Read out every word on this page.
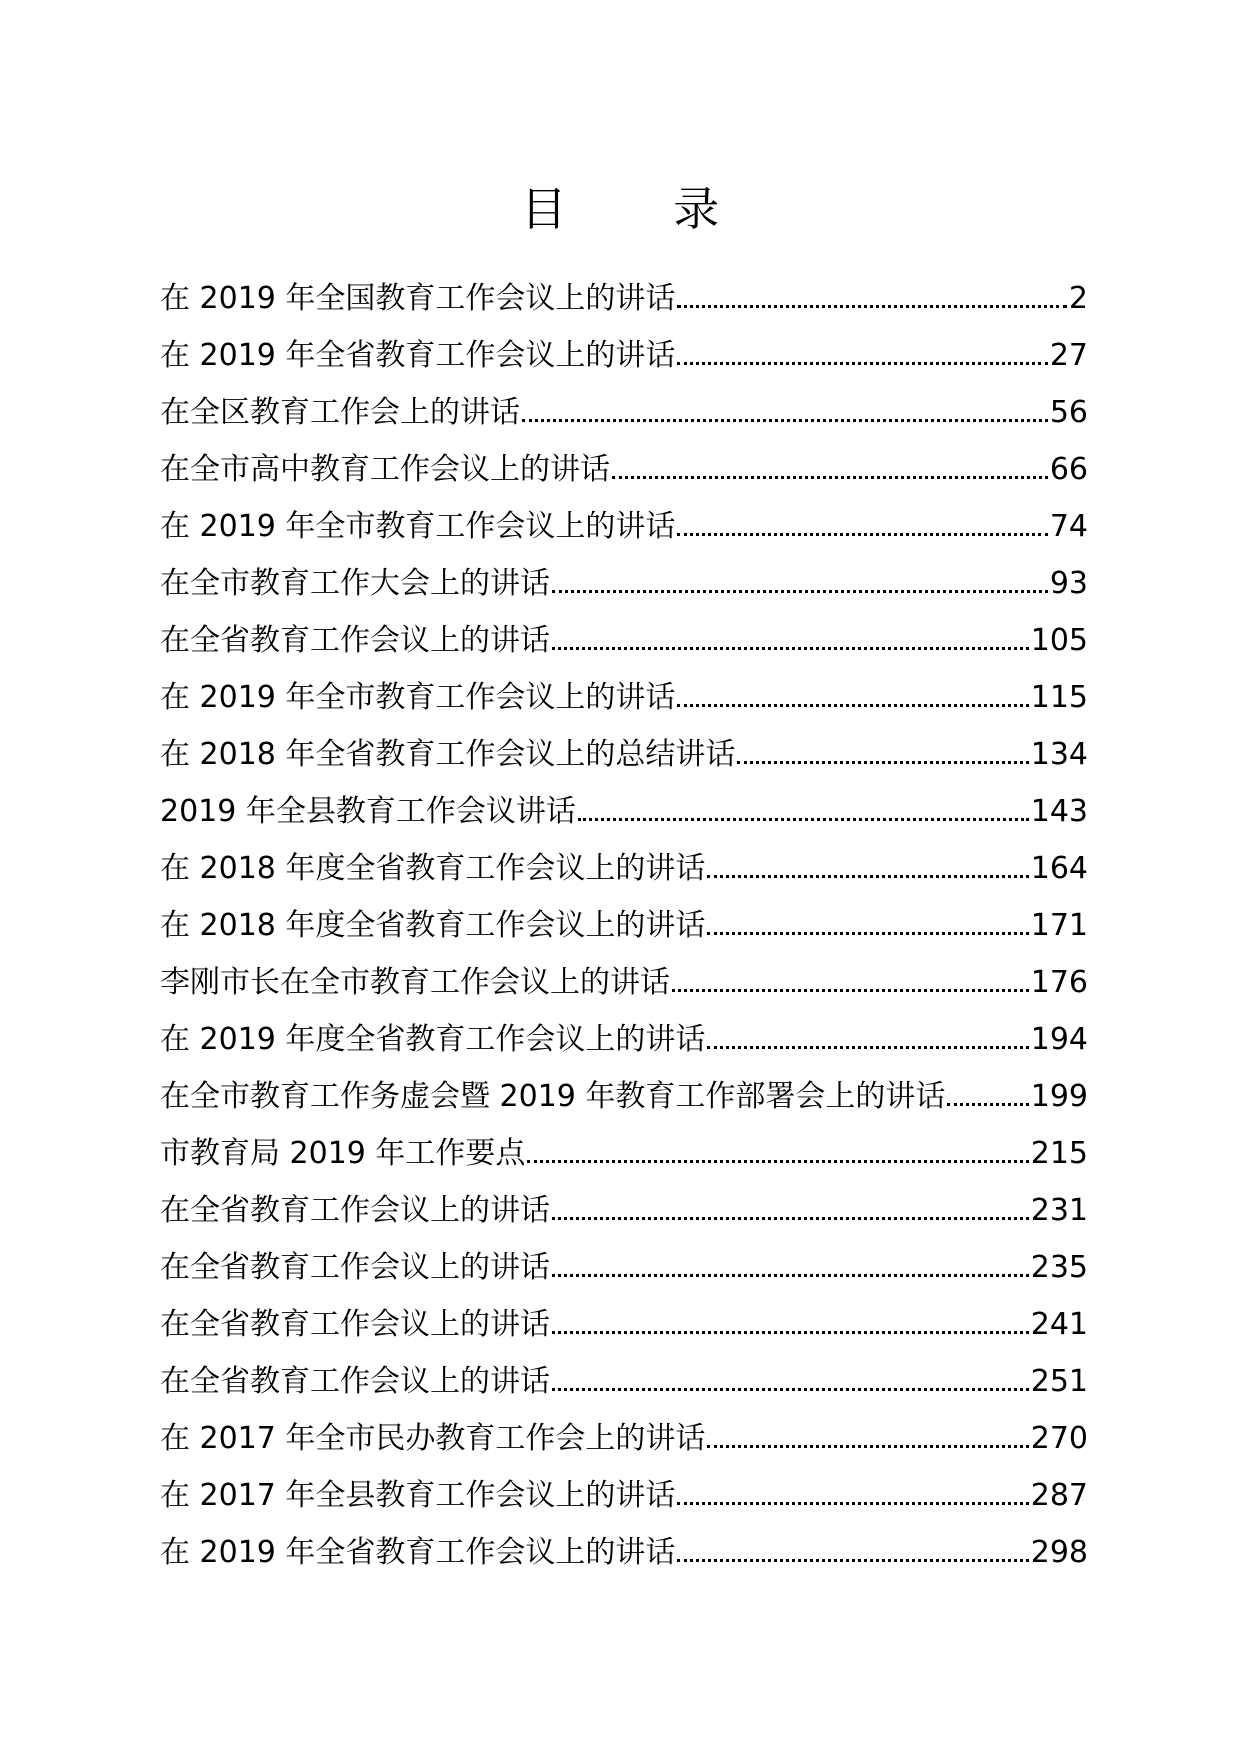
目 录
在 2019 年全国教育工作会议上的讲话	2
在 2019 年全省教育工作会议上的讲话	27
在全区教育工作会上的讲话	56
在全市高中教育工作会议上的讲话	66
在 2019 年全市教育工作会议上的讲话	74
在全市教育工作大会上的讲话	93
在全省教育工作会议上的讲话	105
在 2019 年全市教育工作会议上的讲话	115
在 2018 年全省教育工作会议上的总结讲话	134
2019 年全县教育工作会议讲话	143
在 2018 年度全省教育工作会议上的讲话	164
在 2018 年度全省教育工作会议上的讲话	171
李刚市长在全市教育工作会议上的讲话	176
在 2019 年度全省教育工作会议上的讲话	194
在全市教育工作务虚会暨 2019 年教育工作部署会上的讲话	199
市教育局 2019 年工作要点	215
在全省教育工作会议上的讲话	231
在全省教育工作会议上的讲话	235
在全省教育工作会议上的讲话	241
在全省教育工作会议上的讲话	251
在 2017 年全市民办教育工作会上的讲话	270
在 2017 年全县教育工作会议上的讲话	287
在 2019 年全省教育工作会议上的讲话	298
